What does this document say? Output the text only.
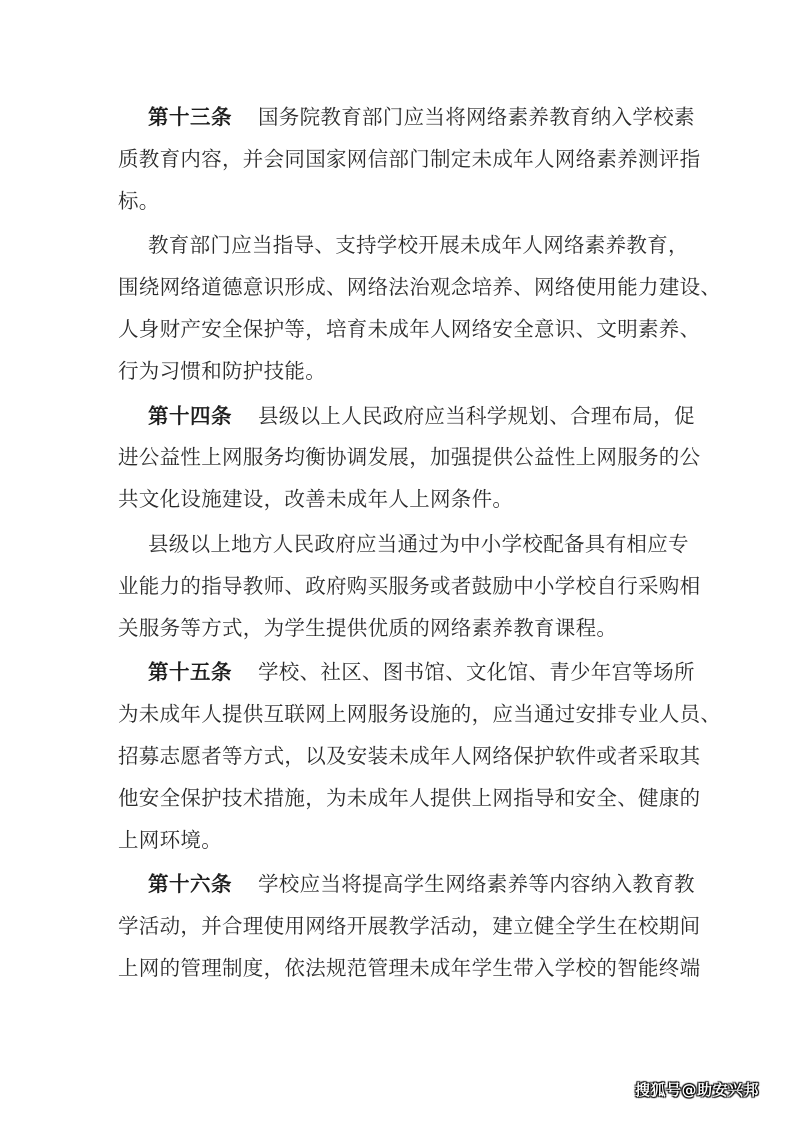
第十三条 国务院教育部门应当将网络素养教育纳入学校素
质教育内容，并会同国家网信部门制定未成年人网络素养测评指
标。
教育部门应当指导、支持学校开展未成年人网络素养教育，
围绕网络道德意识形成、网络法治观念培养、网络使用能力建设、
人身财产安全保护等，培育未成年人网络安全意识、文明素养、
行为习惯和防护技能。
第十四条 县级以上人民政府应当科学规划、合理布局，促
进公益性上网服务均衡协调发展，加强提供公益性上网服务的公
共文化设施建设，改善未成年人上网条件。
县级以上地方人民政府应当通过为中小学校配备具有相应专
业能力的指导教师、政府购买服务或者鼓励中小学校自行采购相
关服务等方式，为学生提供优质的网络素养教育课程。
第十五条 学校、社区、图书馆、文化馆、青少年宫等场所
为未成年人提供互联网上网服务设施的，应当通过安排专业人员、
招募志愿者等方式，以及安装未成年人网络保护软件或者采取其
他安全保护技术措施，为未成年人提供上网指导和安全、健康的
上网环境。
第十六条 学校应当将提高学生网络素养等内容纳入教育教
学活动，并合理使用网络开展教学活动，建立健全学生在校期间
上网的管理制度，依法规范管理未成年学生带入学校的智能终端
搜狐号@助安兴邦
